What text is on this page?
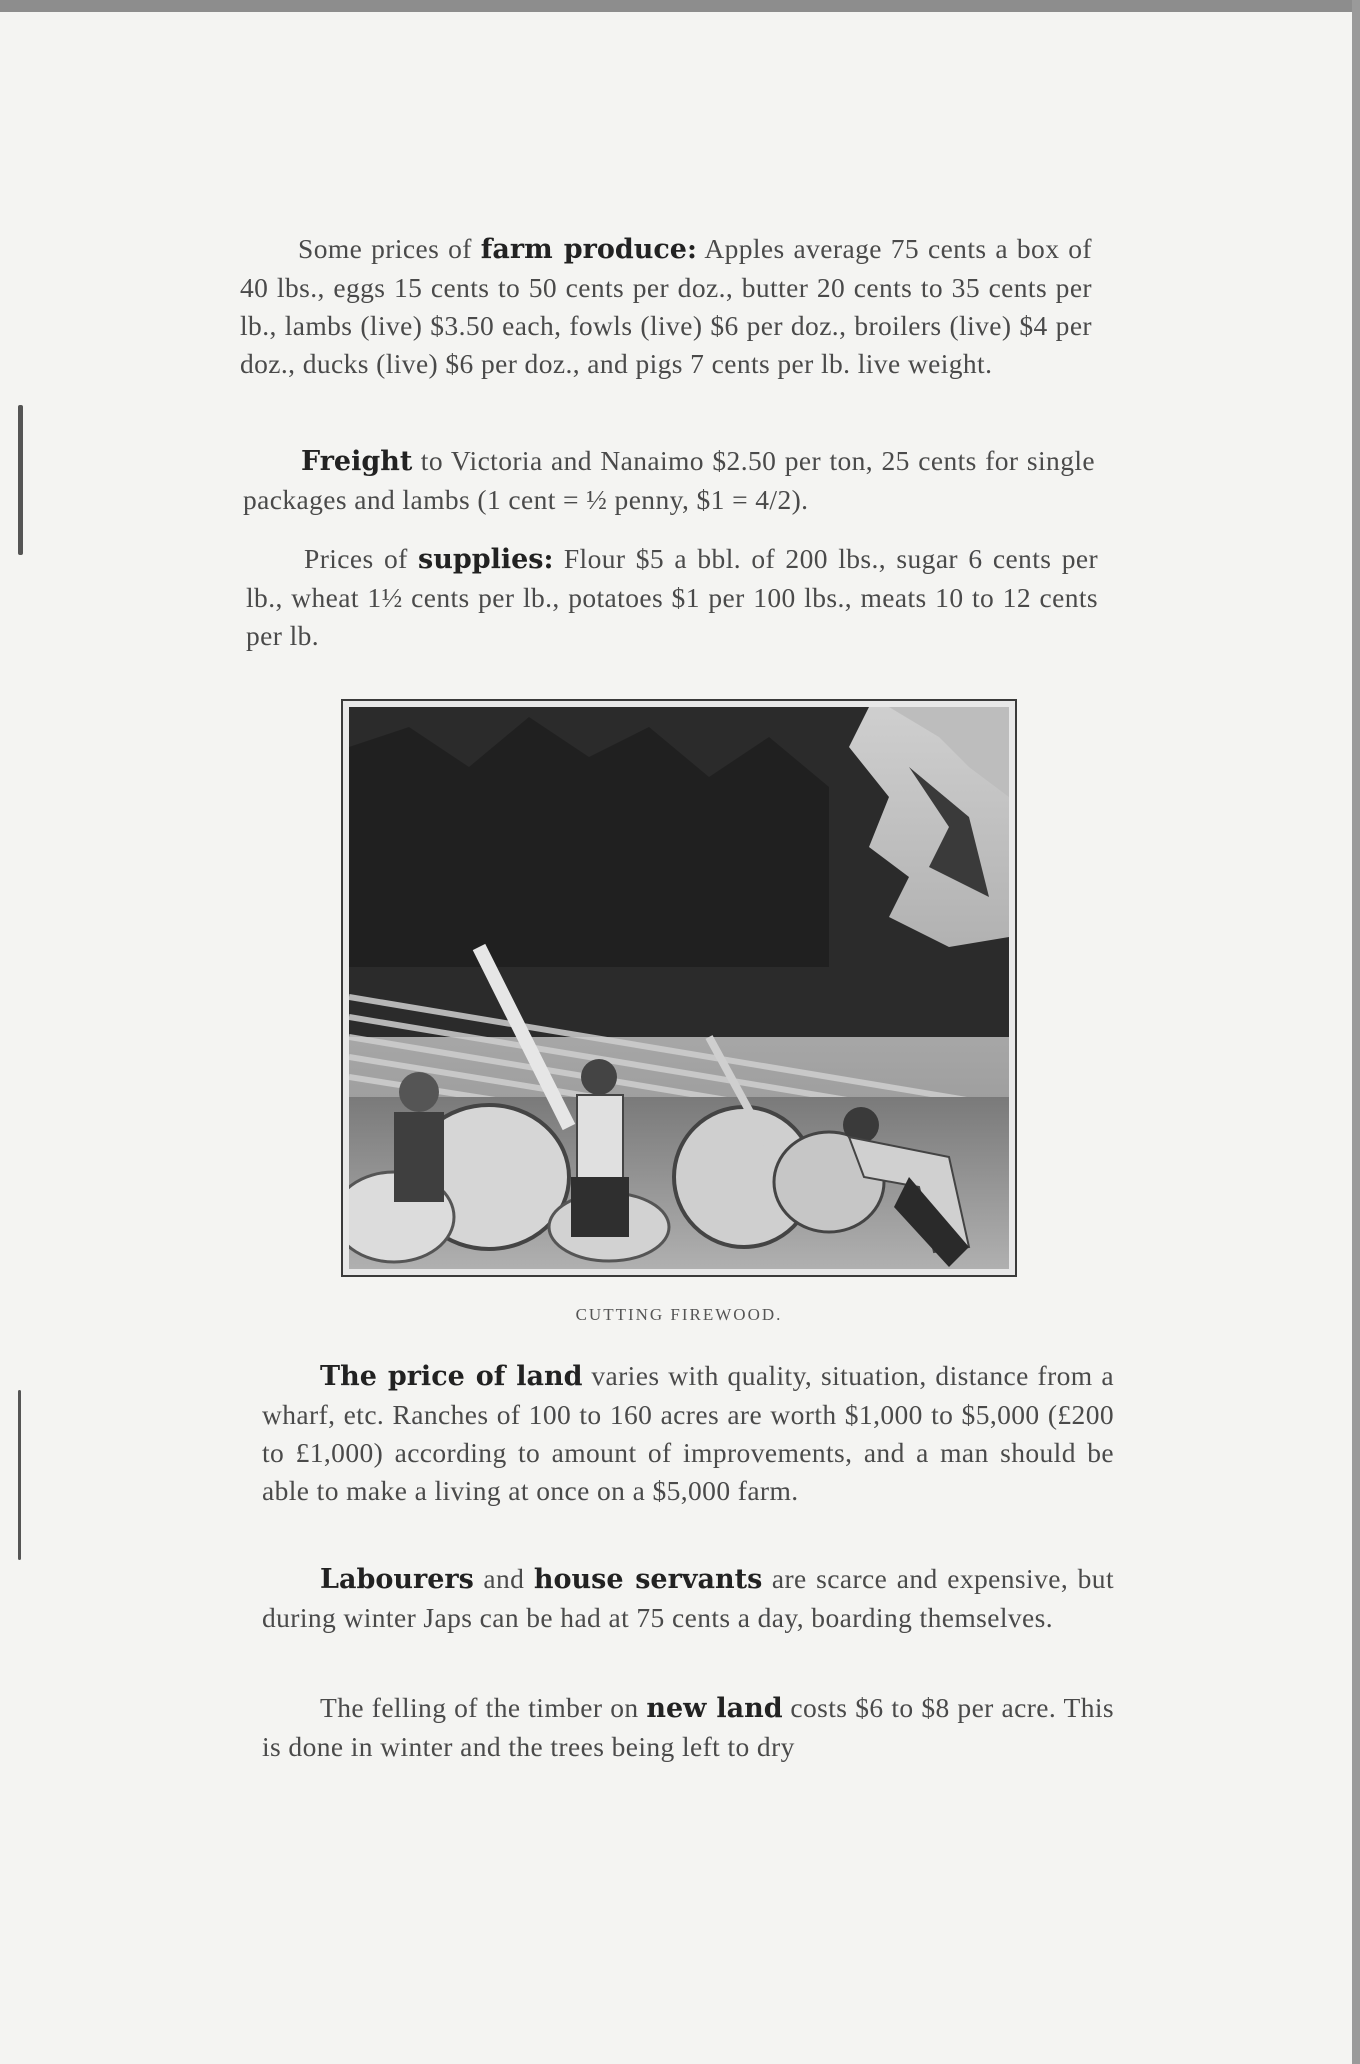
Some prices of farm produce: Apples average 75 cents a box of 40 lbs., eggs 15 cents to 50 cents per doz., butter 20 cents to 35 cents per lb., lambs (live) $3.50 each, fowls (live) $6 per doz., broilers (live) $4 per doz., ducks (live) $6 per doz., and pigs 7 cents per lb. live weight.

Freight to Victoria and Nanaimo $2.50 per ton, 25 cents for single packages and lambs (1 cent = ½ penny, $1 = 4/2).

Prices of supplies: Flour $5 a bbl. of 200 lbs., sugar 6 cents per lb., wheat 1½ cents per lb., potatoes $1 per 100 lbs., meats 10 to 12 cents per lb.

CUTTING FIREWOOD.

The price of land varies with quality, situation, distance from a wharf, etc. Ranches of 100 to 160 acres are worth $1,000 to $5,000 (£200 to £1,000) according to amount of improvements, and a man should be able to make a living at once on a $5,000 farm.

Labourers and house servants are scarce and expensive, but during winter Japs can be had at 75 cents a day, boarding themselves.

The felling of the timber on new land costs $6 to $8 per acre. This is done in winter and the trees being left to dry
